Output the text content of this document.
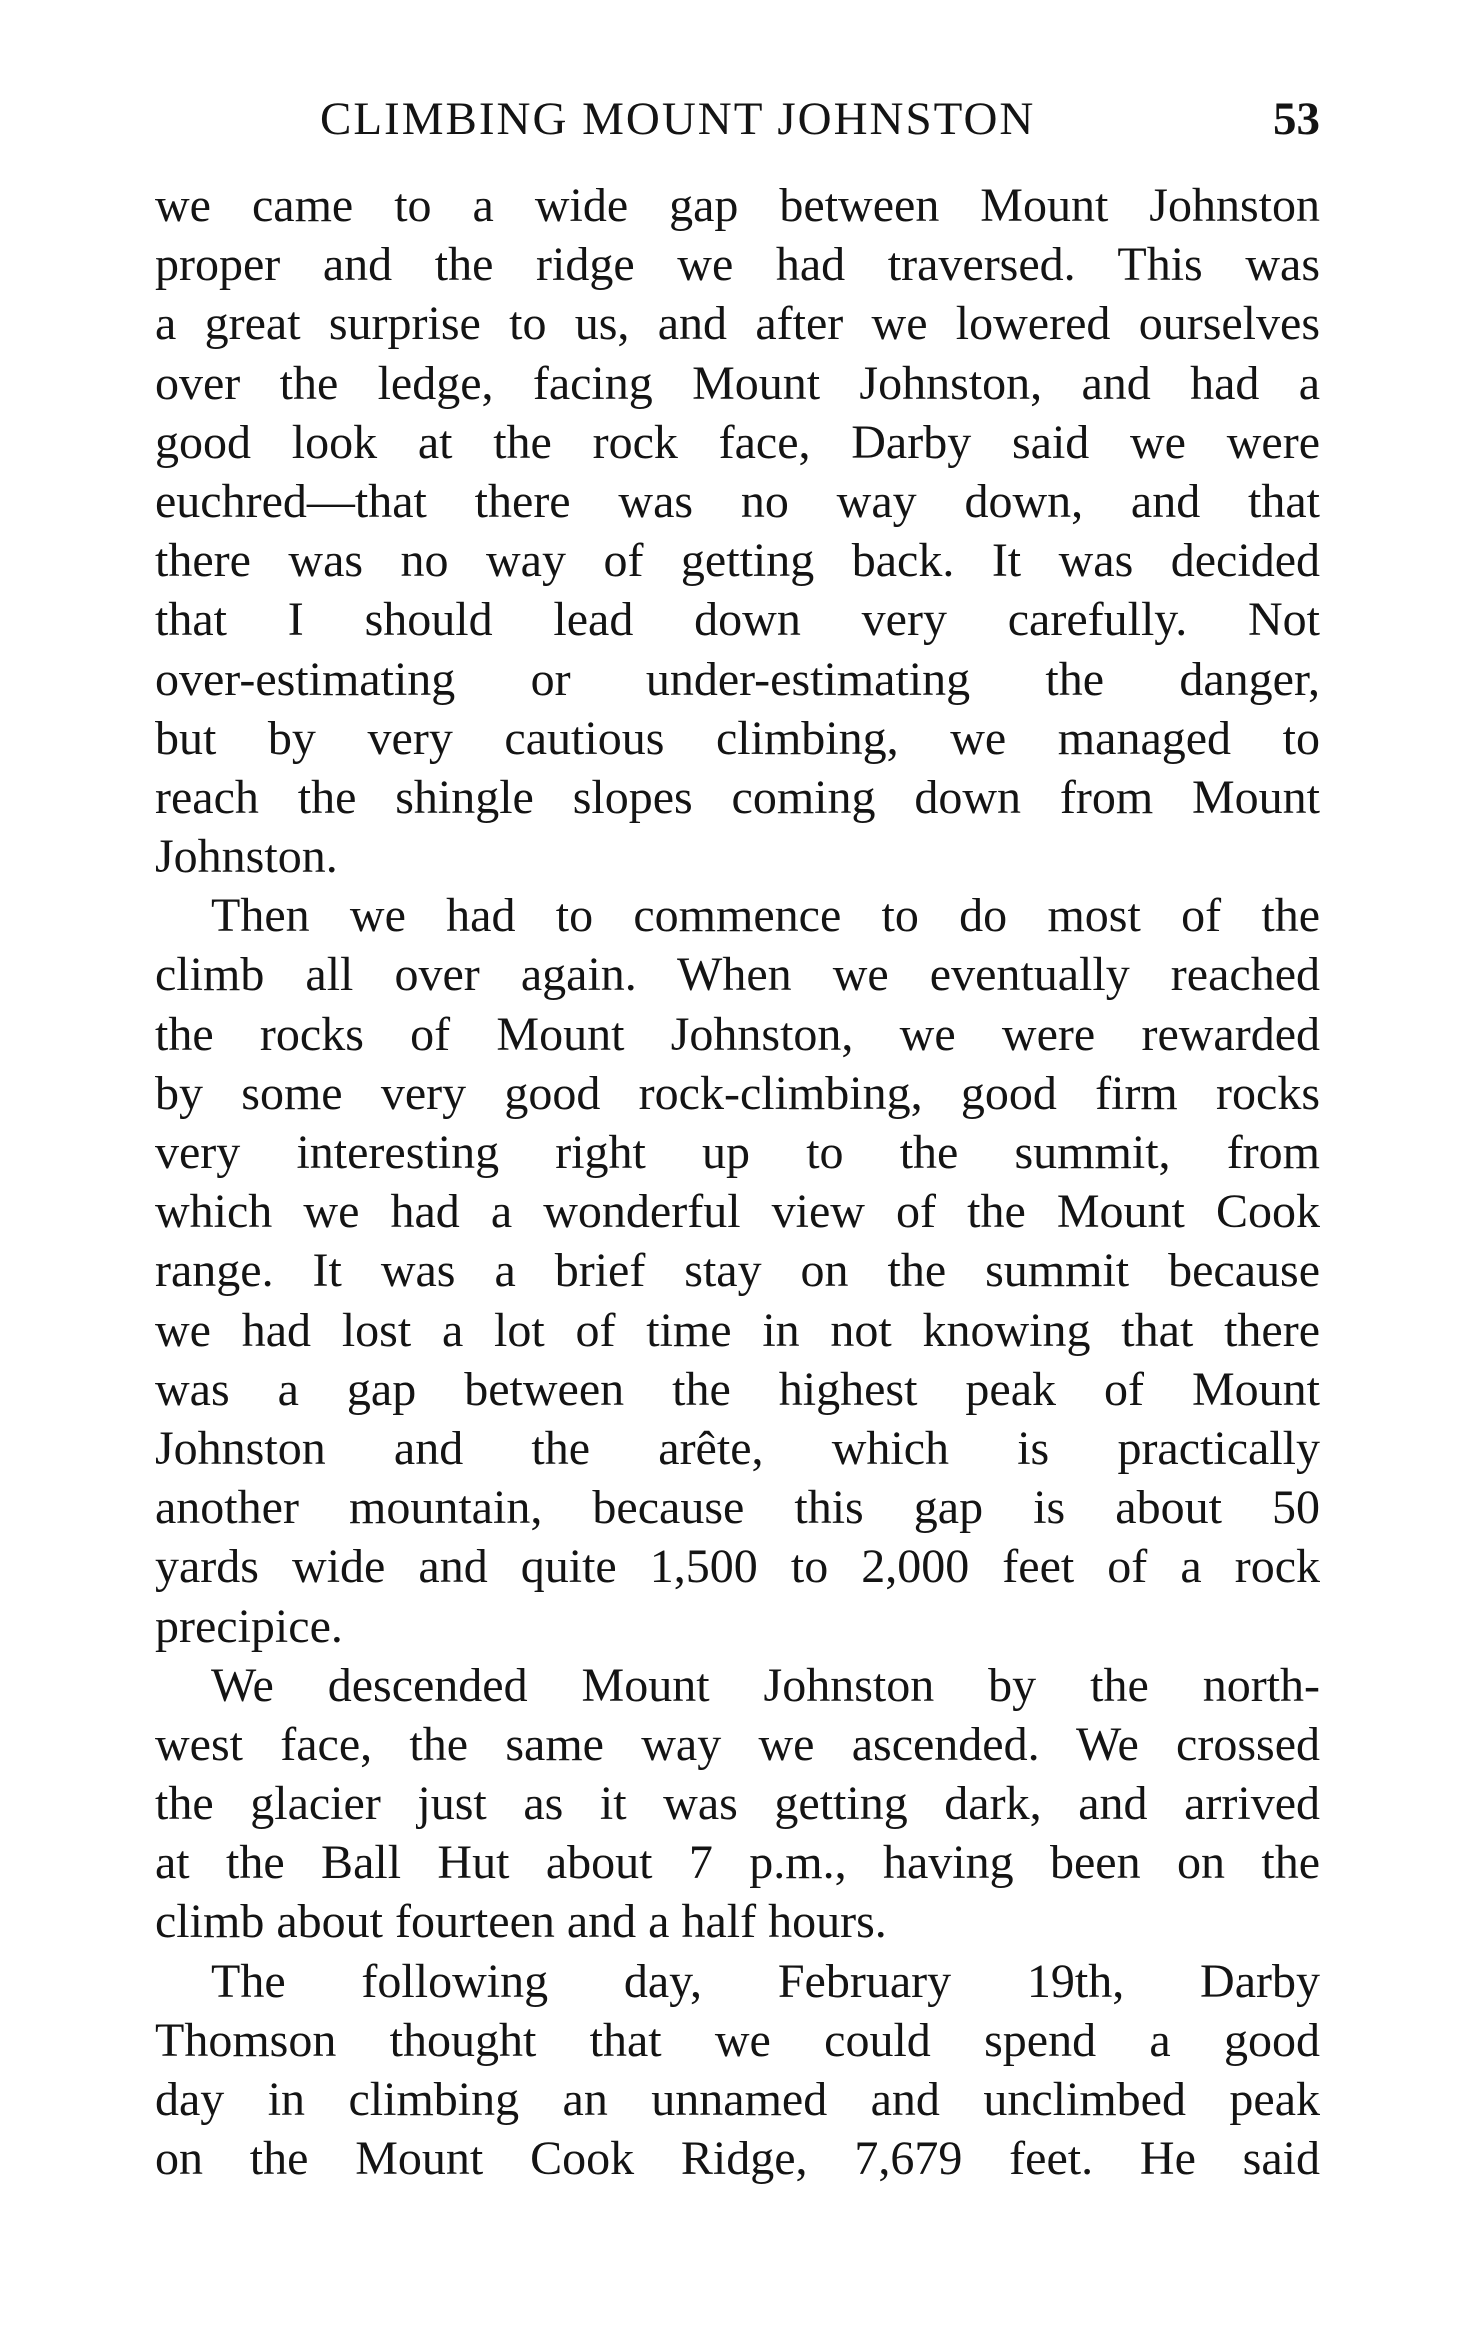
CLIMBING MOUNT JOHNSTON	53
we came to a wide gap between Mount Johnston
proper and the ridge we had traversed. This was
a great surprise to us, and after we lowered ourselves
over the ledge, facing Mount Johnston, and had a
good look at the rock face, Darby said we were
euchred—that there was no way down, and that
there was no way of getting back. It was decided
that I should lead down very carefully. Not
over-estimating or under-estimating the danger,
but by very cautious climbing, we managed to
reach the shingle slopes coming down from Mount
Johnston.
Then we had to commence to do most of the
climb all over again. When we eventually reached
the rocks of Mount Johnston, we were rewarded
by some very good rock-climbing, good firm rocks
very interesting right up to the summit, from
which we had a wonderful view of the Mount Cook
range. It was a brief stay on the summit because
we had lost a lot of time in not knowing that there
was a gap between the highest peak of Mount
Johnston and the arête, which is practically
another mountain, because this gap is about 50
yards wide and quite 1,500 to 2,000 feet of a rock
precipice.
We descended Mount Johnston by the north-
west face, the same way we ascended. We crossed
the glacier just as it was getting dark, and arrived
at the Ball Hut about 7 p.m., having been on the
climb about fourteen and a half hours.
The following day, February 19th, Darby
Thomson thought that we could spend a good
day in climbing an unnamed and unclimbed peak
on the Mount Cook Ridge, 7,679 feet. He said
